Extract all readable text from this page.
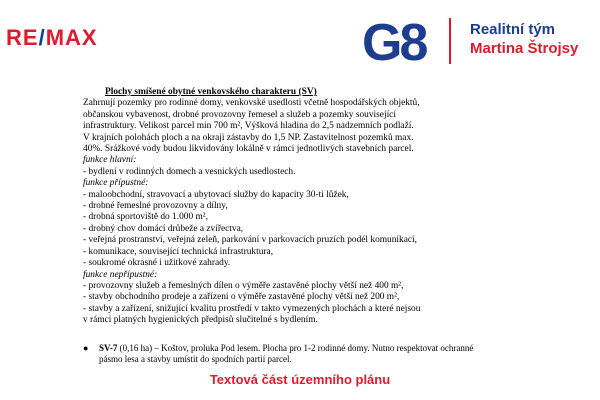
RE/MAX	G8	Realitní tým
Martina Štrojsy

Plochy smíšené obytné venkovského charakteru (SV)

Zahrnují pozemky pro rodinné domy, venkovské usedlosti včetně hospodářských objektů,

občanskou vybavenost, drobné provozovny řemesel a služeb a pozemky související

infrastruktury. Velikost parcel min 700 m², Výšková hladina do 2,5 nadzemních podlaží.

V krajních polohách ploch a na okraji zástavby do 1,5 NP. Zastavitelnost pozemků max.

40%. Srážkové vody budou likvidovány lokálně v rámci jednotlivých stavebních parcel.

funkce hlavní:

- bydlení v rodinných domech a vesnických usedlostech.

funkce přípustné:

- maloobchodní, stravovací a ubytovací služby do kapacity 30-ti lůžek,

- drobné řemeslné provozovny a dílny,

- drobná sportoviště do 1.000 m²,

- drobný chov domácí drůbeže a zvířectva,

- veřejná prostranství, veřejná zeleň, parkování v parkovacích pruzích podél komunikací,

- komunikace, související technická infrastruktura,

- soukromé okrasné i užitkové zahrady.

funkce nepřípustné:

- provozovny služeb a řemeslných dílen o výměře zastavěné plochy větší než 400 m²,

- stavby obchodního prodeje a zařízení o výměře zastavěné plochy větší než 200 m²,

- stavby a zařízení, snižující kvalitu prostředí v takto vymezených plochách a které nejsou

v rámci platných hygienických předpisů slučitelné s bydlením.

●	SV-7 (0,16 ha) – Koštov, proluka Pod lesem. Plocha pro 1-2 rodinné domy. Nutno respektovat ochranné pásmo lesa a stavby umístit do spodních partií parcel.
Textová část územního plánu
